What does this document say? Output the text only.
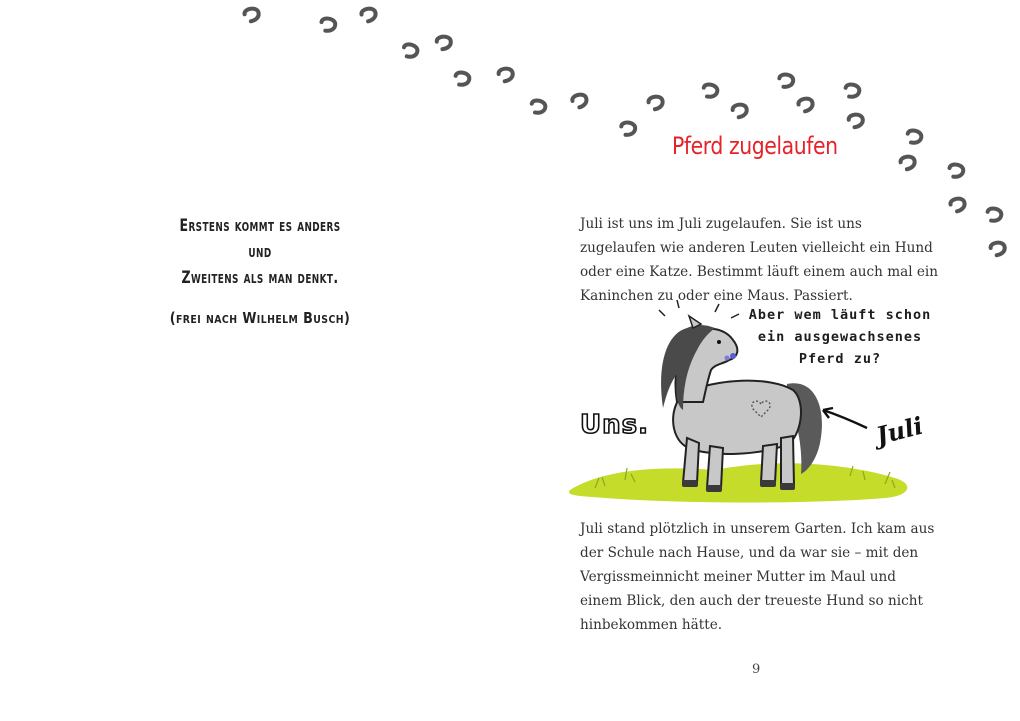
Erstens kommt es anders
und
Zweitens als man denkt.
(frei nach Wilhelm Busch)
Pferd zugelaufen
Juli ist uns im Juli zugelaufen. Sie ist uns zugelaufen wie anderen Leuten vielleicht ein Hund oder eine Katze. Bestimmt läuft einem auch mal ein Kaninchen zu oder eine Maus. Passiert.
Aber wem läuft schon
ein ausgewachsenes
Pferd zu?
Uns.	Juli
Juli stand plötzlich in unserem Garten. Ich kam aus der Schule nach Hause, und da war sie – mit den Vergissmeinnicht meiner Mutter im Maul und einem Blick, den auch der treueste Hund so nicht hinbekommen hätte.
9
